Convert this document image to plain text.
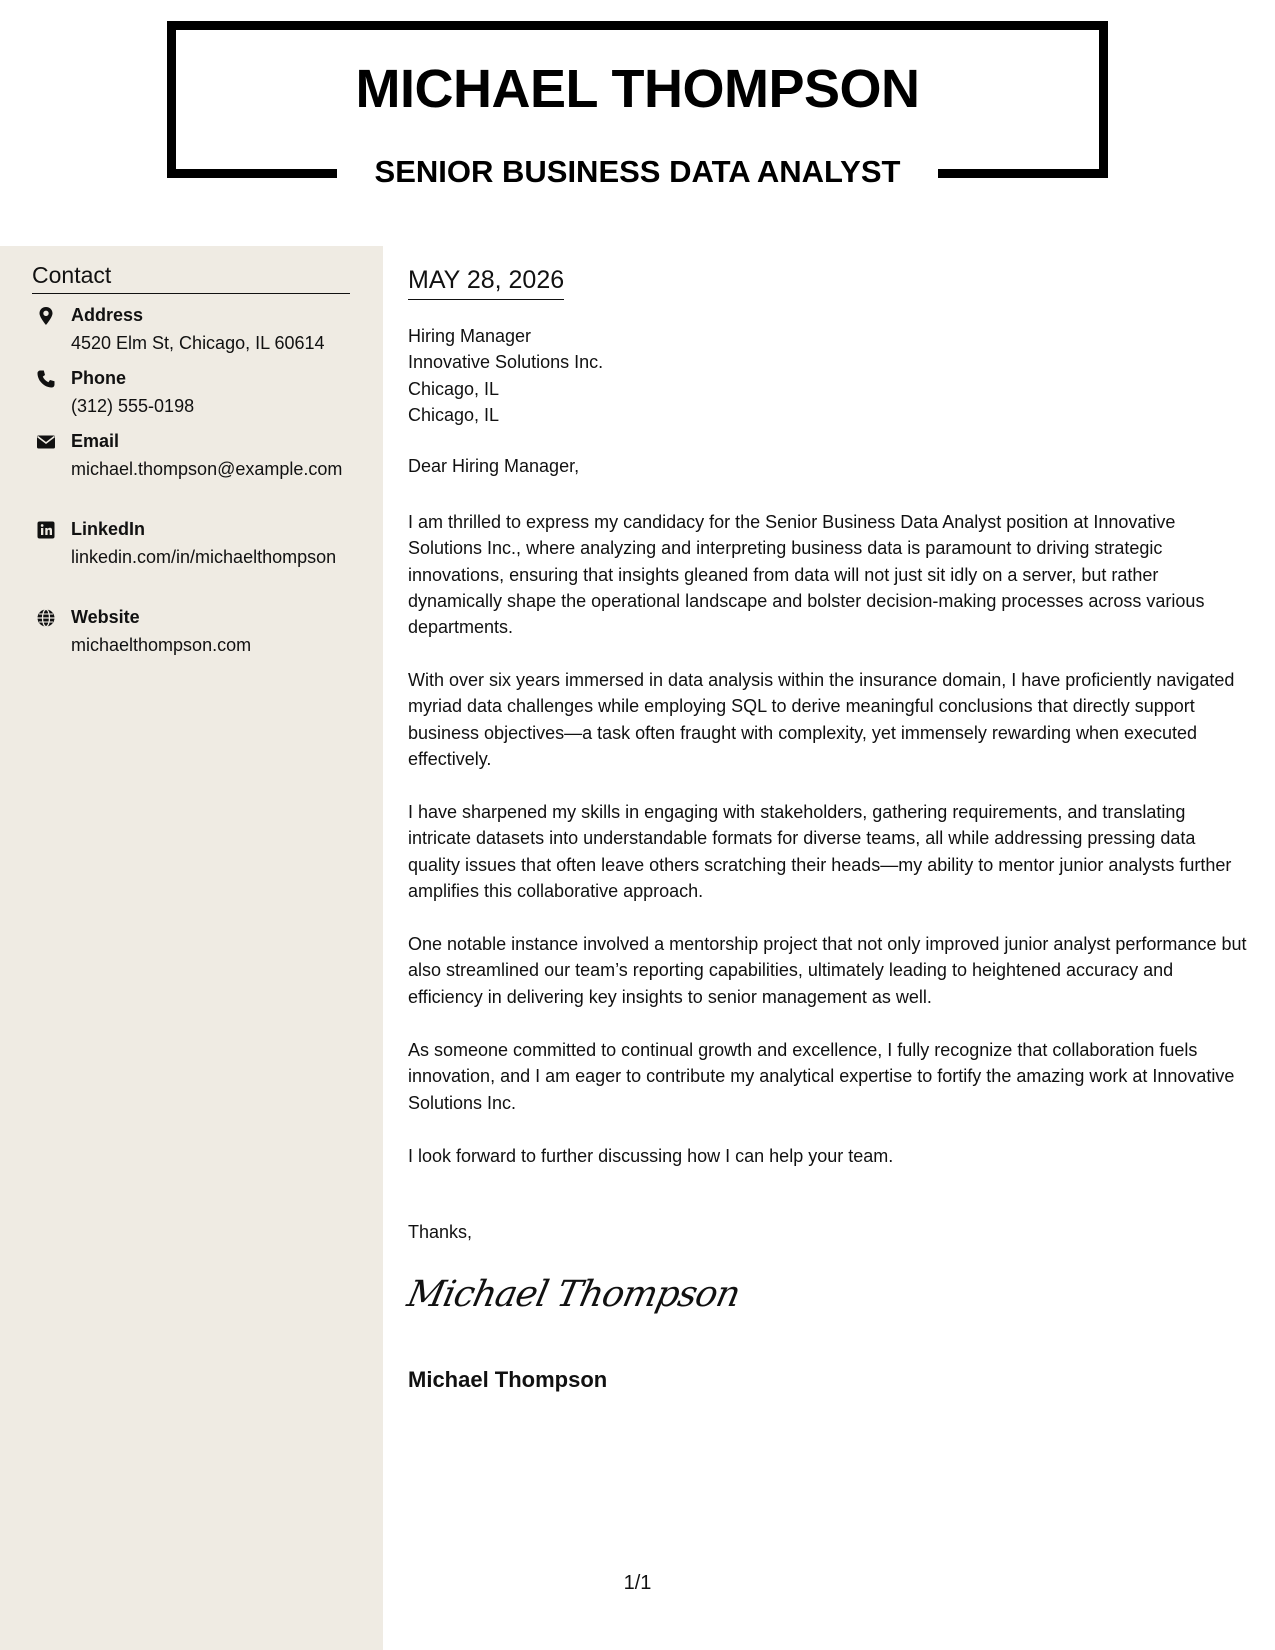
MICHAEL THOMPSON
SENIOR BUSINESS DATA ANALYST
Contact
Address
4520 Elm St, Chicago, IL 60614
Phone
(312) 555-0198
Email
michael.thompson@example.com
LinkedIn
linkedin.com/in/michaelthompson
Website
michaelthompson.com
MAY 28, 2026
Hiring Manager
Innovative Solutions Inc.
Chicago, IL
Chicago, IL
Dear Hiring Manager,

I am thrilled to express my candidacy for the Senior Business Data Analyst position at Innovative Solutions Inc., where analyzing and interpreting business data is paramount to driving strategic innovations, ensuring that insights gleaned from data will not just sit idly on a server, but rather dynamically shape the operational landscape and bolster decision-making processes across various departments.

With over six years immersed in data analysis within the insurance domain, I have proficiently navigated myriad data challenges while employing SQL to derive meaningful conclusions that directly support business objectives—a task often fraught with complexity, yet immensely rewarding when executed effectively.

I have sharpened my skills in engaging with stakeholders, gathering requirements, and translating intricate datasets into understandable formats for diverse teams, all while addressing pressing data quality issues that often leave others scratching their heads—my ability to mentor junior analysts further amplifies this collaborative approach.

One notable instance involved a mentorship project that not only improved junior analyst performance but also streamlined our team’s reporting capabilities, ultimately leading to heightened accuracy and efficiency in delivering key insights to senior management as well.

As someone committed to continual growth and excellence, I fully recognize that collaboration fuels innovation, and I am eager to contribute my analytical expertise to fortify the amazing work at Innovative Solutions Inc.

I look forward to further discussing how I can help your team.

Thanks,
Michael Thompson
Michael Thompson
1/1
